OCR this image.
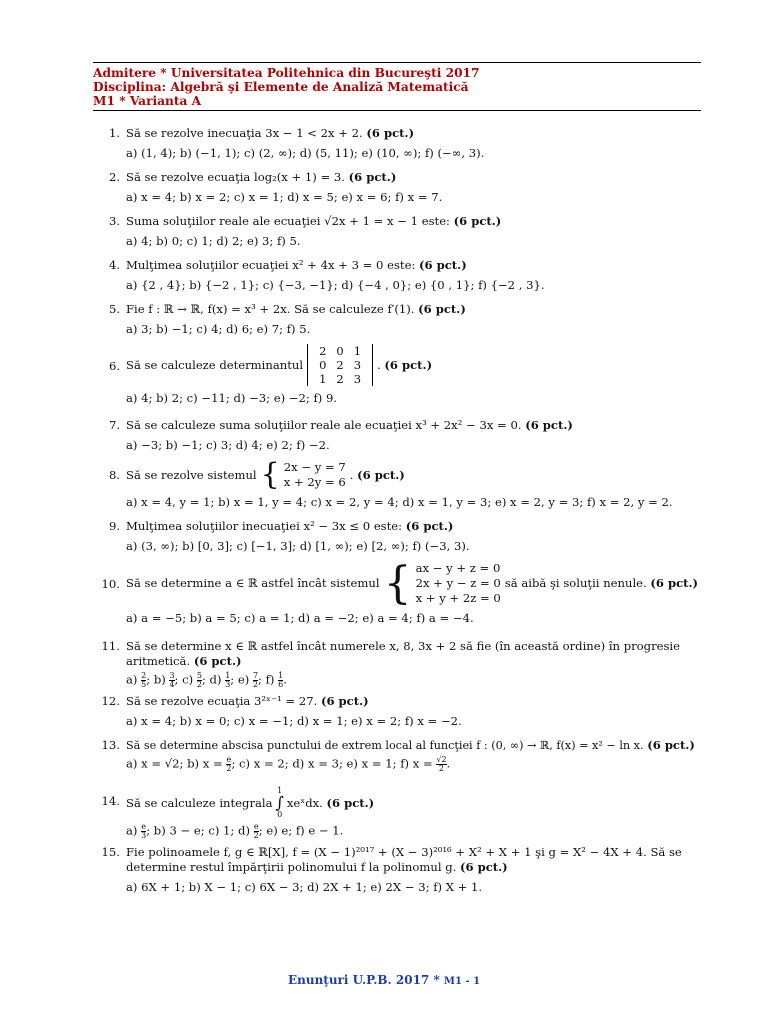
Admitere * Universitatea Politehnica din Bucureşti 2017
Disciplina: Algebră şi Elemente de Analiză Matematică
M1 * Varianta A
1. Să se rezolve inecuaţia 3x − 1 < 2x + 2. (6 pct.)
a) (1, 4); b) (−1, 1); c) (2, ∞); d) (5, 11); e) (10, ∞); f) (−∞, 3).
2. Să se rezolve ecuaţia log₂(x + 1) = 3. (6 pct.)
a) x = 4; b) x = 2; c) x = 1; d) x = 5; e) x = 6; f) x = 7.
3. Suma soluţiilor reale ale ecuaţiei √2x + 1 = x − 1 este: (6 pct.)
a) 4; b) 0; c) 1; d) 2; e) 3; f) 5.
4. Mulţimea soluţiilor ecuaţiei x² + 4x + 3 = 0 este: (6 pct.)
a) {2 , 4}; b) {−2 , 1}; c) {−3, −1}; d) {−4 , 0}; e) {0 , 1}; f) {−2 , 3}.
5. Fie f : ℝ → ℝ, f(x) = x³ + 2x. Să se calculeze f′(1). (6 pct.)
a) 3; b) −1; c) 4; d) 6; e) 7; f) 5.
6. Să se calculeze determinantul
2	0	1
0	2	3
1	2	3
. (6 pct.)
a) 4; b) 2; c) −11; d) −3; e) −2; f) 9.
7. Să se calculeze suma soluţiilor reale ale ecuaţiei x³ + 2x² − 3x = 0. (6 pct.)
a) −3; b) −1; c) 3; d) 4; e) 2; f) −2.
8. Să se rezolve sistemul { 2x − y = 7
x + 2y = 6
. (6 pct.)
a) x = 4, y = 1; b) x = 1, y = 4; c) x = 2, y = 4; d) x = 1, y = 3; e) x = 2, y = 3; f) x = 2, y = 2.
9. Mulţimea soluţiilor inecuaţiei x² − 3x ≤ 0 este: (6 pct.)
a) (3, ∞); b) [0, 3]; c) [−1, 3]; d) [1, ∞); e) [2, ∞); f) (−3, 3).
10. Să se determine a ∈ ℝ astfel încât sistemul { ax − y + z = 0
2x + y − z = 0
x + y + 2z = 0
să aibă şi soluţii nenule.
(6 pct.)
a) a = −5; b) a = 5; c) a = 1; d) a = −2; e) a = 4; f) a = −4.
11. Să se determine x ∈ ℝ astfel încât numerele x, 8, 3x + 2 să fie (în această ordine) în progresie aritmetică. (6 pct.)
$a) \frac{2}{5}$ ; $b) \frac{3}{4}$ ; $c) \frac{5}{2}$ ; $d) \frac{1}{3}$ ; $e) \frac{7}{2}$ ; $f) \frac{1}{6}$ .
12. Să se rezolve ecuaţia 3²ˣ⁻¹ = 27. (6 pct.)
a) x = 4; b) x = 0; c) x = −1; d) x = 1; e) x = 2; f) x = −2.
13. Să se determine abscisa punctului de extrem local al funcţiei f : (0, ∞) → ℝ, f(x) = x² − ln x. (6 pct.)
a) x = √2; b) $x = \frac{e}{2}$ ; c) x = 2; d) x = 3; e) x = 1; f) $x = \frac{√2}{2}$ .
14. Să se calculeze integrala
1
∫
0
xeˣdx.
(6 pct.)
$a) \frac{e}{3}$ ; b) 3 − e; c) 1; $d) \frac{e}{2}$ ; e) e; f) e − 1.
15. Fie polinoamele f, g ∈ ℝ[X], f = (X − 1)²⁰¹⁷ + (X − 3)²⁰¹⁶ + X² + X + 1 şi g = X² − 4X + 4. Să se determine restul împărţirii polinomului f la polinomul g. (6 pct.)
a) 6X + 1; b) X − 1; c) 6X − 3; d) 2X + 1; e) 2X − 3; f) X + 1.
Enunţuri U.P.B. 2017 * M1 - 1
